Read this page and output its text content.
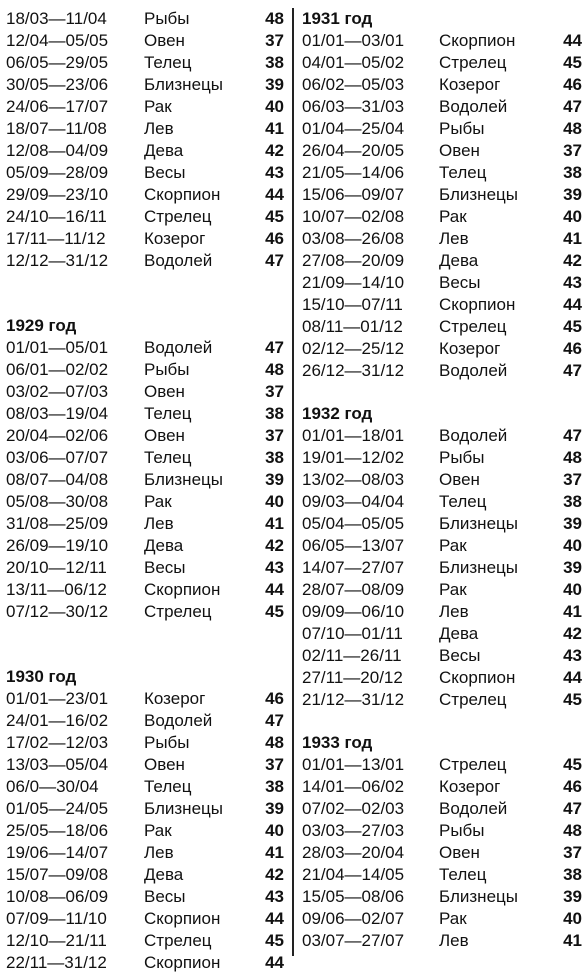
18/03—11/04	Рыбы	48
12/04—05/05	Овен	37
06/05—29/05	Телец	38
30/05—23/06	Близнецы	39
24/06—17/07	Рак	40
18/07—11/08	Лев	41
12/08—04/09	Дева	42
05/09—28/09	Весы	43
29/09—23/10	Скорпион	44
24/10—16/11	Стрелец	45
17/11—11/12	Козерог	46
12/12—31/12	Водолей	47
1929 год
01/01—05/01	Водолей	47
06/01—02/02	Рыбы	48
03/02—07/03	Овен	37
08/03—19/04	Телец	38
20/04—02/06	Овен	37
03/06—07/07	Телец	38
08/07—04/08	Близнецы	39
05/08—30/08	Рак	40
31/08—25/09	Лев	41
26/09—19/10	Дева	42
20/10—12/11	Весы	43
13/11—06/12	Скорпион	44
07/12—30/12	Стрелец	45
1930 год
01/01—23/01	Козерог	46
24/01—16/02	Водолей	47
17/02—12/03	Рыбы	48
13/03—05/04	Овен	37
06/0—30/04	Телец	38
01/05—24/05	Близнецы	39
25/05—18/06	Рак	40
19/06—14/07	Лев	41
15/07—09/08	Дева	42
10/08—06/09	Весы	43
07/09—11/10	Скорпион	44
12/10—21/11	Стрелец	45
22/11—31/12	Скорпион	44
1931 год
01/01—03/01	Скорпион	44
04/01—05/02	Стрелец	45
06/02—05/03	Козерог	46
06/03—31/03	Водолей	47
01/04—25/04	Рыбы	48
26/04—20/05	Овен	37
21/05—14/06	Телец	38
15/06—09/07	Близнецы	39
10/07—02/08	Рак	40
03/08—26/08	Лев	41
27/08—20/09	Дева	42
21/09—14/10	Весы	43
15/10—07/11	Скорпион	44
08/11—01/12	Стрелец	45
02/12—25/12	Козерог	46
26/12—31/12	Водолей	47
1932 год
01/01—18/01	Водолей	47
19/01—12/02	Рыбы	48
13/02—08/03	Овен	37
09/03—04/04	Телец	38
05/04—05/05	Близнецы	39
06/05—13/07	Рак	40
14/07—27/07	Близнецы	39
28/07—08/09	Рак	40
09/09—06/10	Лев	41
07/10—01/11	Дева	42
02/11—26/11	Весы	43
27/11—20/12	Скорпион	44
21/12—31/12	Стрелец	45
1933 год
01/01—13/01	Стрелец	45
14/01—06/02	Козерог	46
07/02—02/03	Водолей	47
03/03—27/03	Рыбы	48
28/03—20/04	Овен	37
21/04—14/05	Телец	38
15/05—08/06	Близнецы	39
09/06—02/07	Рак	40
03/07—27/07	Лев	41
